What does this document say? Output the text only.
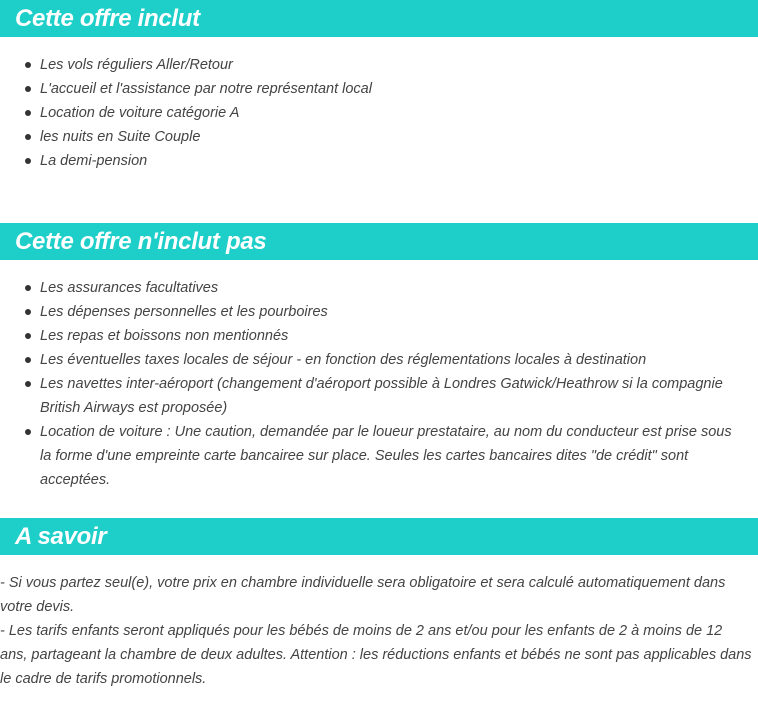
Cette offre inclut
Les vols réguliers Aller/Retour
L'accueil et l'assistance par notre représentant local
Location de voiture catégorie A
les nuits en Suite Couple
La demi-pension
Cette offre n'inclut pas
Les assurances facultatives
Les dépenses personnelles et les pourboires
Les repas et boissons non mentionnés
Les éventuelles taxes locales de séjour - en fonction des réglementations locales à destination
Les navettes inter-aéroport (changement d'aéroport possible à Londres Gatwick/Heathrow si la compagnie British Airways est proposée)
Location de voiture : Une caution, demandée par le loueur prestataire, au nom du conducteur est prise sous la forme d'une empreinte carte bancairee sur place. Seules les cartes bancaires dites "de crédit" sont acceptées.
A savoir

- Si vous partez seul(e), votre prix en chambre individuelle sera obligatoire et sera calculé automatiquement dans votre devis.

- Les tarifs enfants seront appliqués pour les bébés de moins de 2 ans et/ou pour les enfants de 2 à moins de 12 ans, partageant la chambre de deux adultes. Attention : les réductions enfants et bébés ne sont pas applicables dans le cadre de tarifs promotionnels.
